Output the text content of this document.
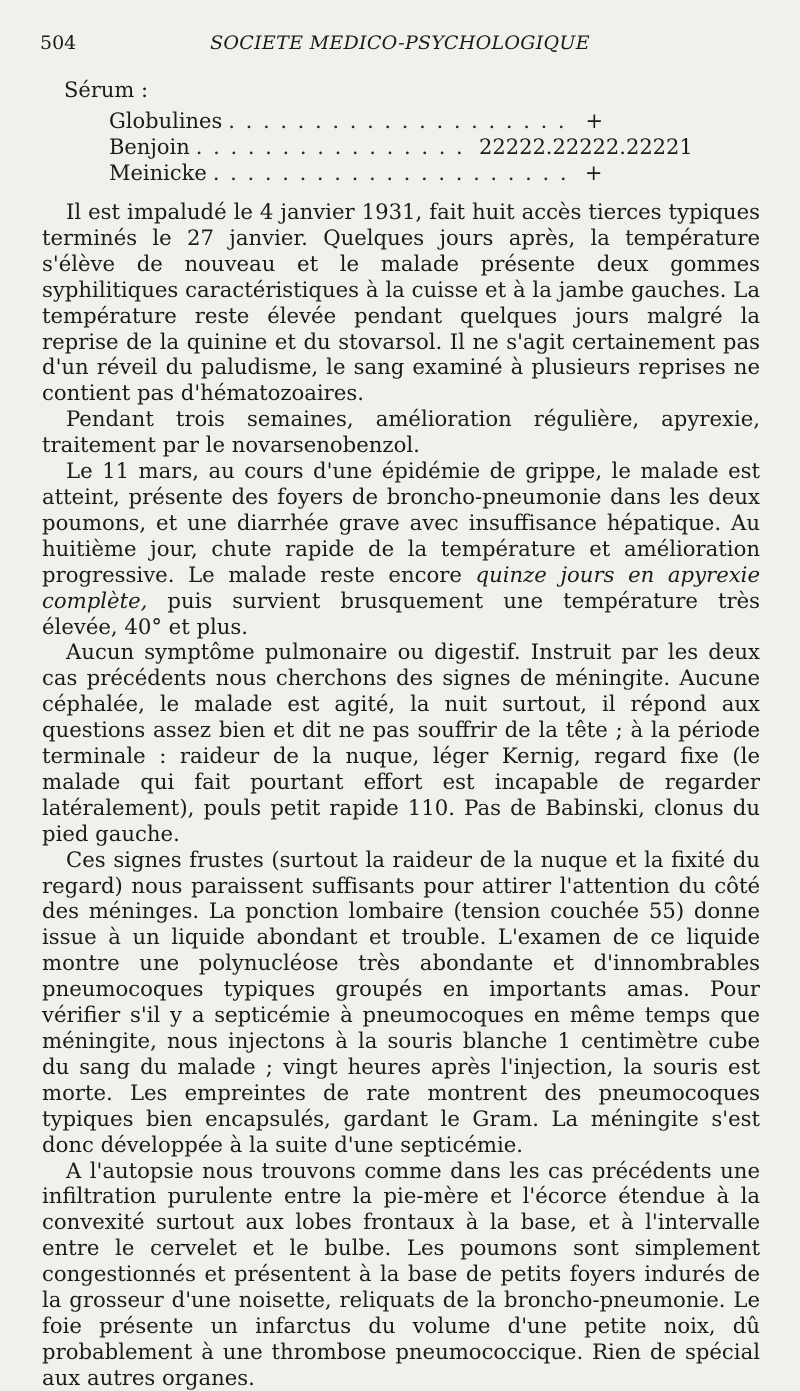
504	SOCIETE MEDICO-PSYCHOLOGIQUE
Sérum :
Globulines . . .	+
Benjoin . . .	22222.22222.22221
Meinicke . . .	+

Il est impaludé le 4 janvier 1931, fait huit accès tierces typiques terminés le 27 janvier. Quelques jours après, la température s'élève de nouveau et le malade présente deux gommes syphilitiques caractéristiques à la cuisse et à la jambe gauches. La température reste élevée pendant quelques jours malgré la reprise de la quinine et du stovarsol. Il ne s'agit certainement pas d'un réveil du paludisme, le sang examiné à plusieurs reprises ne contient pas d'hématozoaires.

Pendant trois semaines, amélioration régulière, apyrexie, traitement par le novarsenobenzol.

Le 11 mars, au cours d'une épidémie de grippe, le malade est atteint, présente des foyers de broncho-pneumonie dans les deux poumons, et une diarrhée grave avec insuffisance hépatique. Au huitième jour, chute rapide de la température et amélioration progressive. Le malade reste encore quinze jours en apyrexie complète, puis survient brusquement une température très élevée, 40° et plus.

Aucun symptôme pulmonaire ou digestif. Instruit par les deux cas précédents nous cherchons des signes de méningite. Aucune céphalée, le malade est agité, la nuit surtout, il répond aux questions assez bien et dit ne pas souffrir de la tête ; à la période terminale : raideur de la nuque, léger Kernig, regard fixe (le malade qui fait pourtant effort est incapable de regarder latéralement), pouls petit rapide 110. Pas de Babinski, clonus du pied gauche.

Ces signes frustes (surtout la raideur de la nuque et la fixité du regard) nous paraissent suffisants pour attirer l'attention du côté des méninges. La ponction lombaire (tension couchée 55) donne issue à un liquide abondant et trouble. L'examen de ce liquide montre une polynucléose très abondante et d'innombrables pneumocoques typiques groupés en importants amas. Pour vérifier s'il y a septicémie à pneumocoques en même temps que méningite, nous injectons à la souris blanche 1 centimètre cube du sang du malade ; vingt heures après l'injection, la souris est morte. Les empreintes de rate montrent des pneumocoques typiques bien encapsulés, gardant le Gram. La méningite s'est donc développée à la suite d'une septicémie.

A l'autopsie nous trouvons comme dans les cas précédents une infiltration purulente entre la pie-mère et l'écorce étendue à la convexité surtout aux lobes frontaux à la base, et à l'intervalle entre le cervelet et le bulbe. Les poumons sont simplement congestionnés et présentent à la base de petits foyers indurés de la grosseur d'une noisette, reliquats de la broncho-pneumonie. Le foie présente un infarctus du volume d'une petite noix, dû probablement à une thrombose pneumococcique. Rien de spécial aux autres organes.
